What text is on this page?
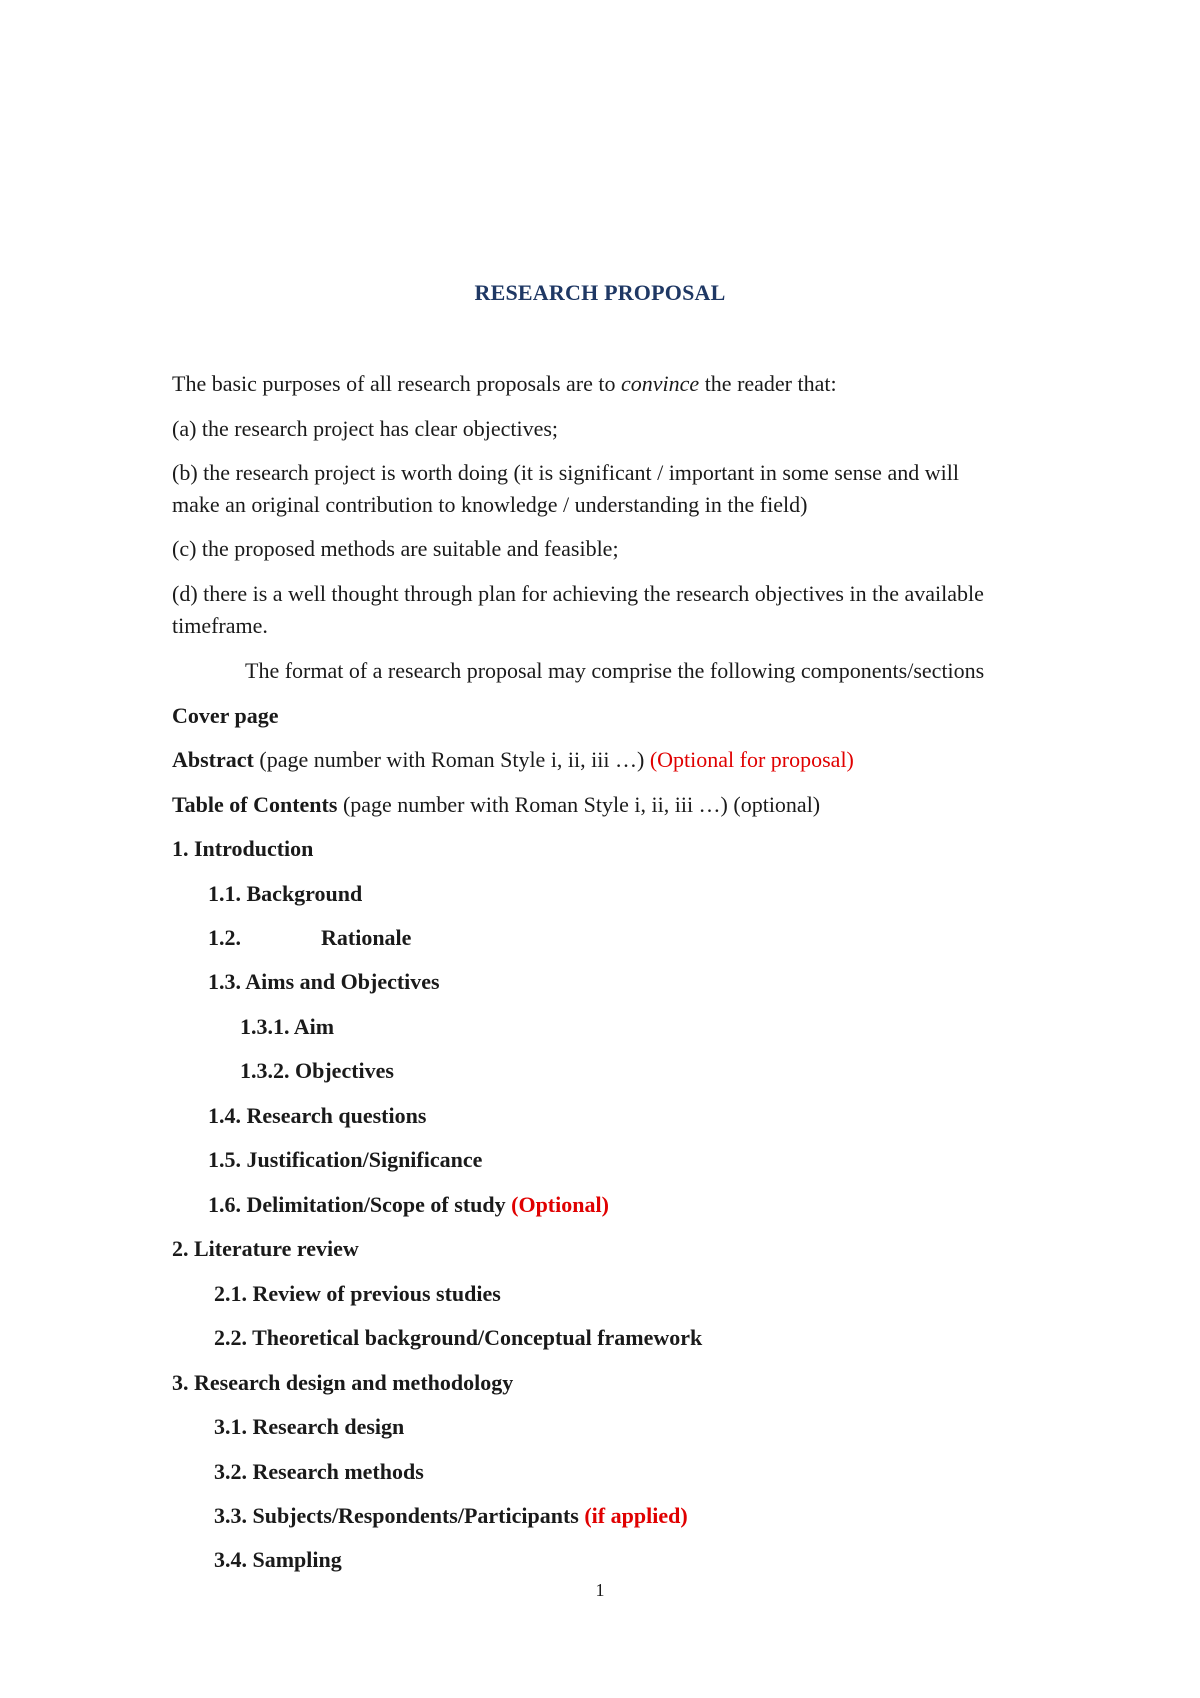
RESEARCH PROPOSAL
The basic purposes of all research proposals are to convince the reader that:
(a) the research project has clear objectives;
(b) the research project is worth doing (it is significant / important in some sense and will
make an original contribution to knowledge / understanding in the field)
(c) the proposed methods are suitable and feasible;
(d) there is a well thought through plan for achieving the research objectives in the available
timeframe.
The format of a research proposal may comprise the following components/sections
Cover page
Abstract (page number with Roman Style i, ii, iii …) (Optional for proposal)
Table of Contents (page number with Roman Style i, ii, iii …) (optional)
1. Introduction
1.1. Background
1.2.	Rationale
1.3. Aims and Objectives
1.3.1. Aim
1.3.2. Objectives
1.4. Research questions
1.5. Justification/Significance
1.6. Delimitation/Scope of study (Optional)
2. Literature review
2.1. Review of previous studies
2.2. Theoretical background/Conceptual framework
3. Research design and methodology
3.1. Research design
3.2. Research methods
3.3. Subjects/Respondents/Participants (if applied)
3.4. Sampling
1
